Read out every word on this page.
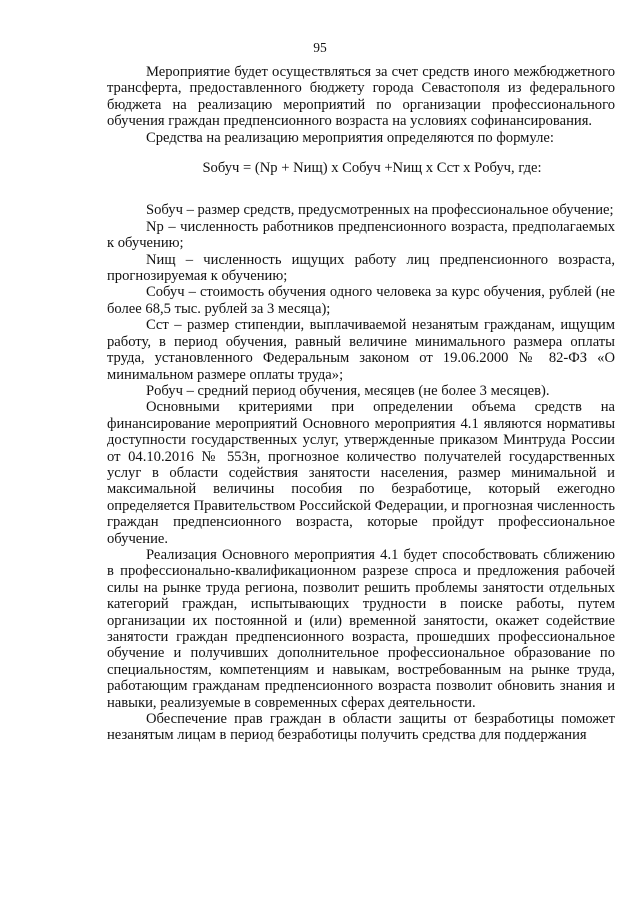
95

Мероприятие будет осуществляться за счет средств иного межбюджетного трансферта, предоставленного бюджету города Севастополя из федерального бюджета на реализацию мероприятий по организации профессионального обучения граждан предпенсионного возраста на условиях софинансирования.

Средства на реализацию мероприятия определяются по формуле:

Sобуч = (Np + Nищ) x Cобуч +Nищ x Сст x Pобуч, где:

Sобуч – размер средств, предусмотренных на профессиональное обучение;

Np – численность работников предпенсионного возраста, предполагаемых к обучению;

Nищ – численность ищущих работу лиц предпенсионного возраста, прогнозируемая к обучению;

Cобуч – стоимость обучения одного человека за курс обучения, рублей (не более 68,5 тыс. рублей за 3 месяца);

Сст – размер стипендии, выплачиваемой незанятым гражданам, ищущим работу, в период обучения, равный величине минимального размера оплаты труда, установленного Федеральным законом от 19.06.2000 № 82-ФЗ «О минимальном размере оплаты труда»;

Pобуч – средний период обучения, месяцев (не более 3 месяцев).

Основными критериями при определении объема средств на финансирование мероприятий Основного мероприятия 4.1 являются нормативы доступности государственных услуг, утвержденные приказом Минтруда России от 04.10.2016 № 553н, прогнозное количество получателей государственных услуг в области содействия занятости населения, размер минимальной и максимальной величины пособия по безработице, который ежегодно определяется Правительством Российской Федерации, и прогнозная численность граждан предпенсионного возраста, которые пройдут профессиональное обучение.

Реализация Основного мероприятия 4.1 будет способствовать сближению в профессионально-квалификационном разрезе спроса и предложения рабочей силы на рынке труда региона, позволит решить проблемы занятости отдельных категорий граждан, испытывающих трудности в поиске работы, путем организации их постоянной и (или) временной занятости, окажет содействие занятости граждан предпенсионного возраста, прошедших профессиональное обучение и получивших дополнительное профессиональное образование по специальностям, компетенциям и навыкам, востребованным на рынке труда, работающим гражданам предпенсионного возраста позволит обновить знания и навыки, реализуемые в современных сферах деятельности.

Обеспечение прав граждан в области защиты от безработицы поможет незанятым лицам в период безработицы получить средства для поддержания
